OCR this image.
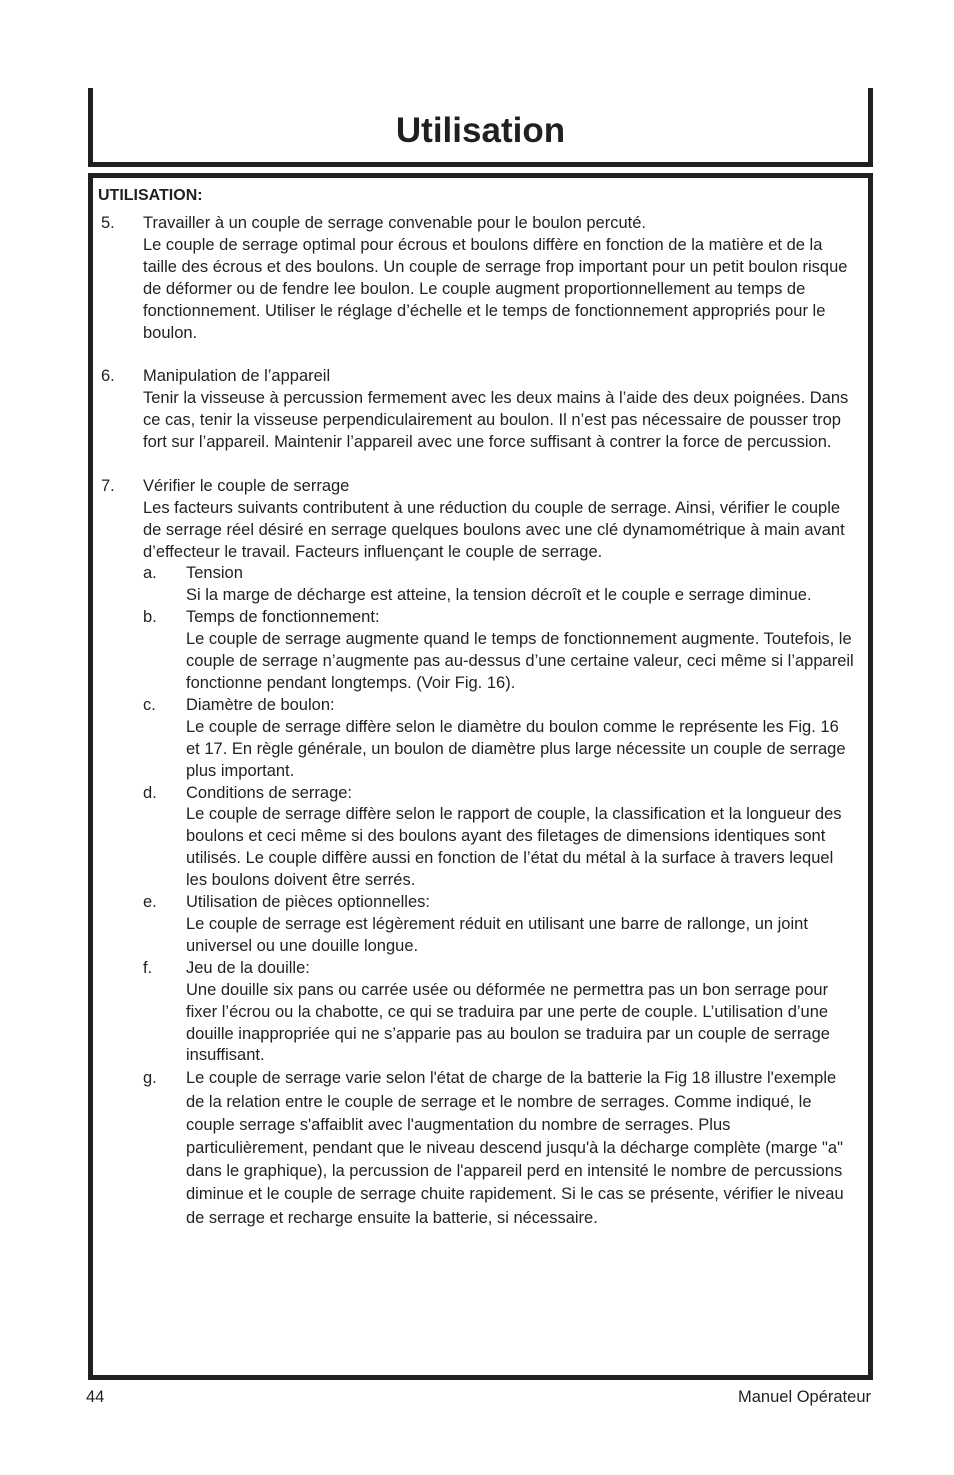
Utilisation
UTILISATION:
5. Travailler à un couple de serrage convenable pour le boulon percuté.
Le couple de serrage optimal pour écrous et boulons diffère en fonction de la matière et de la taille des écrous et des boulons. Un couple de serrage frop important pour un petit boulon risque de déformer ou de fendre lee boulon. Le couple augment proportionnellement au temps de fonctionnement. Utiliser le réglage d’échelle et le temps de fonctionnement appropriés pour le boulon.
6. Manipulation de l’appareil
Tenir la visseuse à percussion fermement avec les deux mains à l’aide des deux poignées. Dans ce cas, tenir la visseuse perpendiculairement au boulon. Il n’est pas nécessaire de pousser trop fort sur l’appareil. Maintenir l’appareil avec une force suffisant à contrer la force de percussion.
7. Vérifier le couple de serrage
Les facteurs suivants contributent à une réduction du couple de serrage. Ainsi, vérifier le couple de serrage réel désiré en serrage quelques boulons avec une clé dynamométrique à main avant d’effecteur le travail. Facteurs influençant le couple de serrage.
a. Tension
Si la marge de décharge est atteine, la tension décroît et le couple e serrage diminue.
b. Temps de fonctionnement:
Le couple de serrage augmente quand le temps de fonctionnement augmente. Toutefois, le couple de serrage n’augmente pas au-dessus d’une certaine valeur, ceci même si l’appareil fonctionne pendant longtemps. (Voir Fig. 16).
c. Diamètre de boulon:
Le couple de serrage diffère selon le diamètre du boulon comme le représente les Fig. 16 et 17. En règle générale, un boulon de diamètre plus large nécessite un couple de serrage plus important.
d. Conditions de serrage:
Le couple de serrage diffère selon le rapport de couple, la classification et la longueur des boulons et ceci même si des boulons ayant des filetages de dimensions identiques sont utilisés. Le couple diffère aussi en fonction de l’état du métal à la surface à travers lequel les boulons doivent être serrés.
e. Utilisation de pièces optionnelles:
Le couple de serrage est légèrement réduit en utilisant une barre de rallonge, un joint universel ou une douille longue.
f. Jeu de la douille:
Une douille six pans ou carrée usée ou déformée ne permettra pas un bon serrage pour fixer l’écrou ou la chabotte, ce qui se traduira par une perte de couple. L’utilisation d’une douille inappropriée qui ne s’apparie pas au boulon se traduira par un couple de serrage insuffisant.
g. Le couple de serrage varie selon l'état de charge de la batterie la Fig 18 illustre l'exemple de la relation entre le couple de serrage et le nombre de serrages. Comme indiqué, le couple serrage s'affaiblit avec l'augmentation du nombre de serrages. Plus particulièrement, pendant que le niveau descend jusqu'à la décharge complète (marge "a" dans le graphique), la percussion de l'appareil perd en intensité le nombre de percussions diminue et le couple de serrage chuite rapidement. Si le cas se présente, vérifier le niveau de serrage et recharge ensuite la batterie, si nécessaire.
44	Manuel Opérateur
